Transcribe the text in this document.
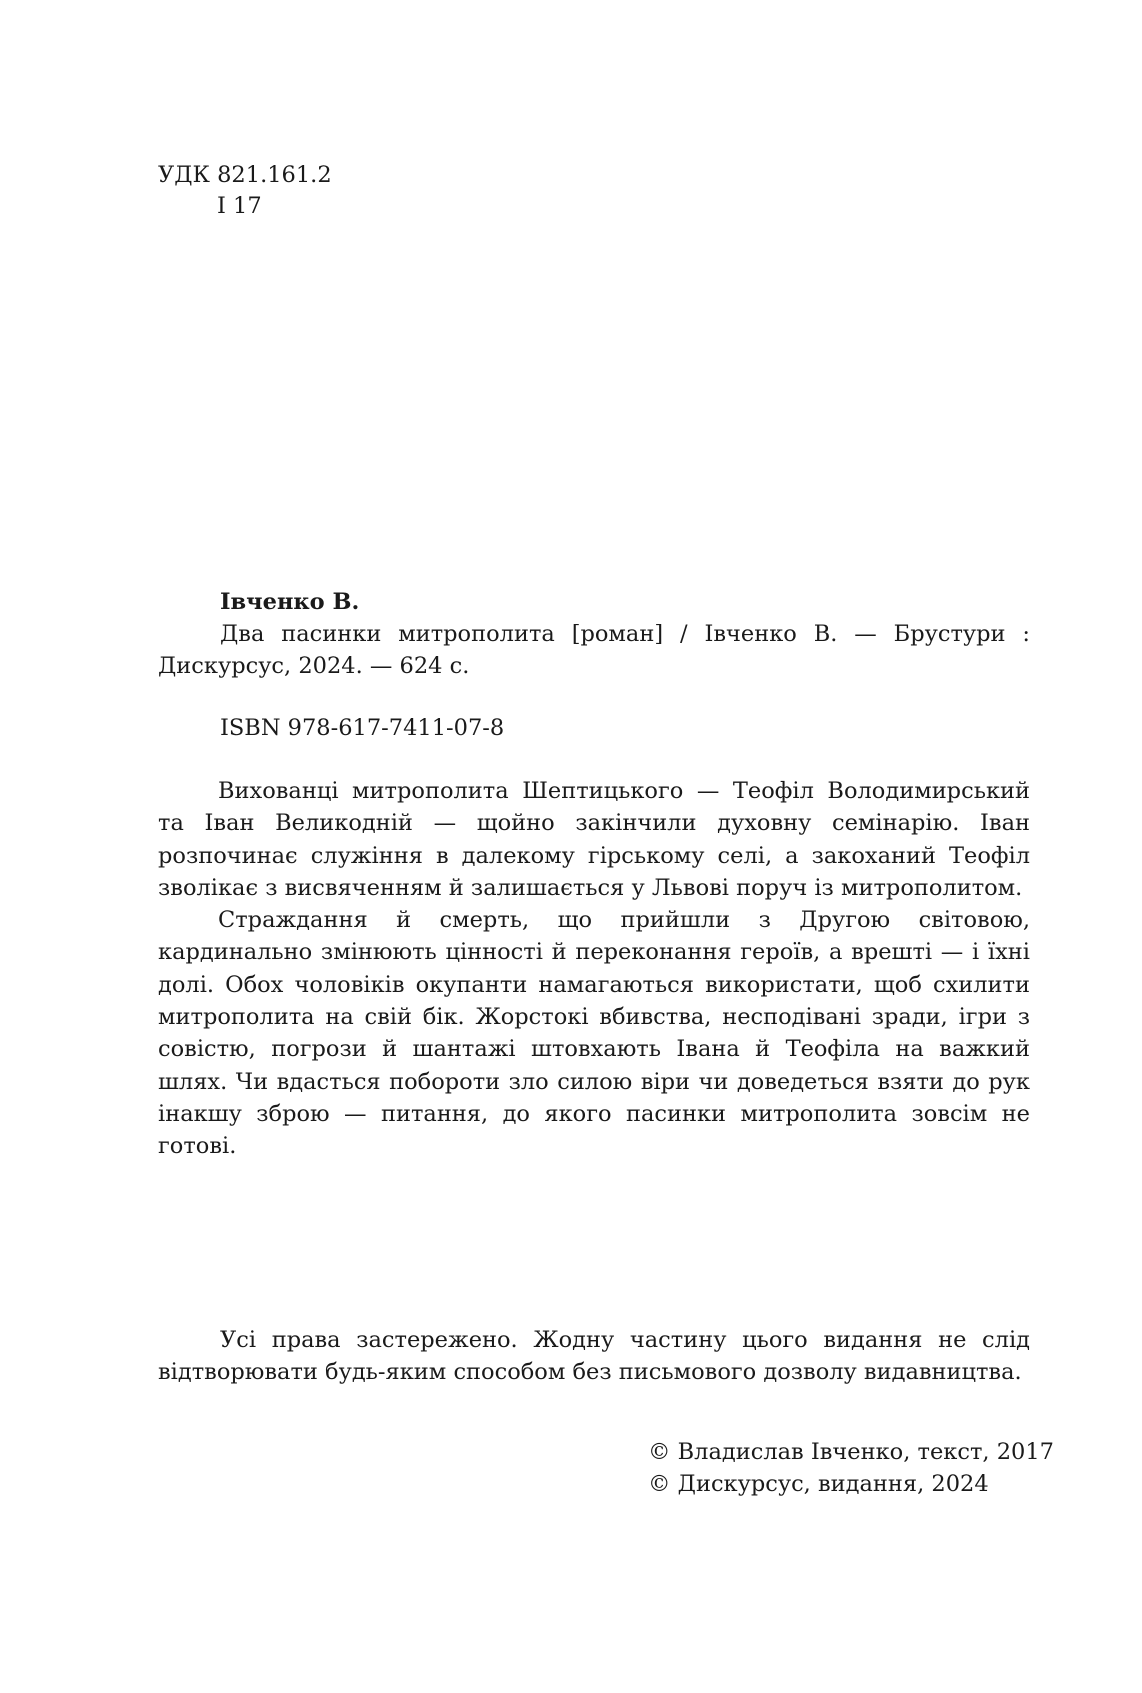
УДК 821.161.2
І 17
Івченко В.
Два пасинки митрополита [роман] / Івченко В. — Брустури : Дискурсус, 2024. — 624 с.
ISBN 978-617-7411-07-8

Вихованці митрополита Шептицького — Теофіл Володимирський та Іван Великодній — щойно закінчили духовну семінарію. Іван розпочинає служіння в далекому гірському селі, а закоханий Теофіл зволікає з висвяченням й залишається у Львові поруч із митрополитом.

Страждання й смерть, що прийшли з Другою світовою, кардинально змінюють цінності й переконання героїв, а врешті — і їхні долі. Обох чоловіків окупанти намагаються використати, щоб схилити митрополита на свій бік. Жорстокі вбивства, несподівані зради, ігри з совістю, погрози й шантажі штовхають Івана й Теофіла на важкий шлях. Чи вдасться побороти зло силою віри чи доведеться взяти до рук інакшу зброю — питання, до якого пасинки митрополита зовсім не готові.

Усі права застережено. Жодну частину цього видання не слід відтворювати будь-яким способом без письмового дозволу видавництва.
© Владислав Івченко, текст, 2017
© Дискурсус, видання, 2024
